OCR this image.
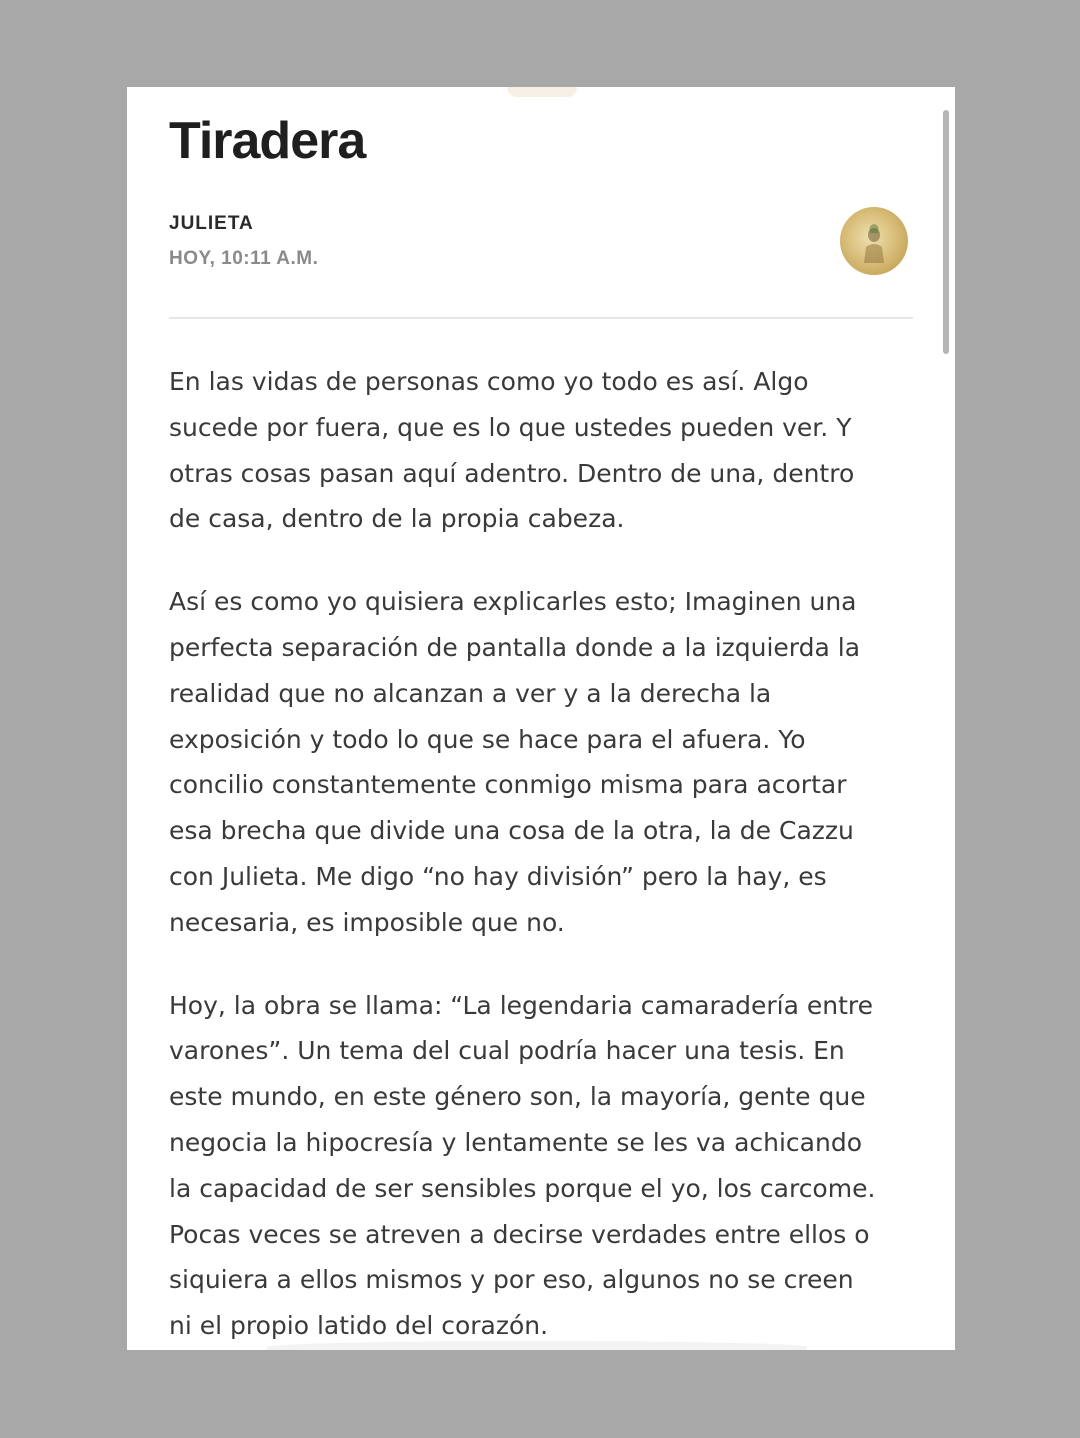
Tiradera
JULIETA
HOY, 10:11 A.M.

En las vidas de personas como yo todo es así. Algo
sucede por fuera, que es lo que ustedes pueden ver. Y
otras cosas pasan aquí adentro. Dentro de una, dentro
de casa, dentro de la propia cabeza.

Así es como yo quisiera explicarles esto; Imaginen una
perfecta separación de pantalla donde a la izquierda la
realidad que no alcanzan a ver y a la derecha la
exposición y todo lo que se hace para el afuera. Yo
concilio constantemente conmigo misma para acortar
esa brecha que divide una cosa de la otra, la de Cazzu
con Julieta. Me digo “no hay división” pero la hay, es
necesaria, es imposible que no.

Hoy, la obra se llama: “La legendaria camaradería entre
varones”. Un tema del cual podría hacer una tesis. En
este mundo, en este género son, la mayoría, gente que
negocia la hipocresía y lentamente se les va achicando
la capacidad de ser sensibles porque el yo, los carcome.
Pocas veces se atreven a decirse verdades entre ellos o
siquiera a ellos mismos y por eso, algunos no se creen
ni el propio latido del corazón.
